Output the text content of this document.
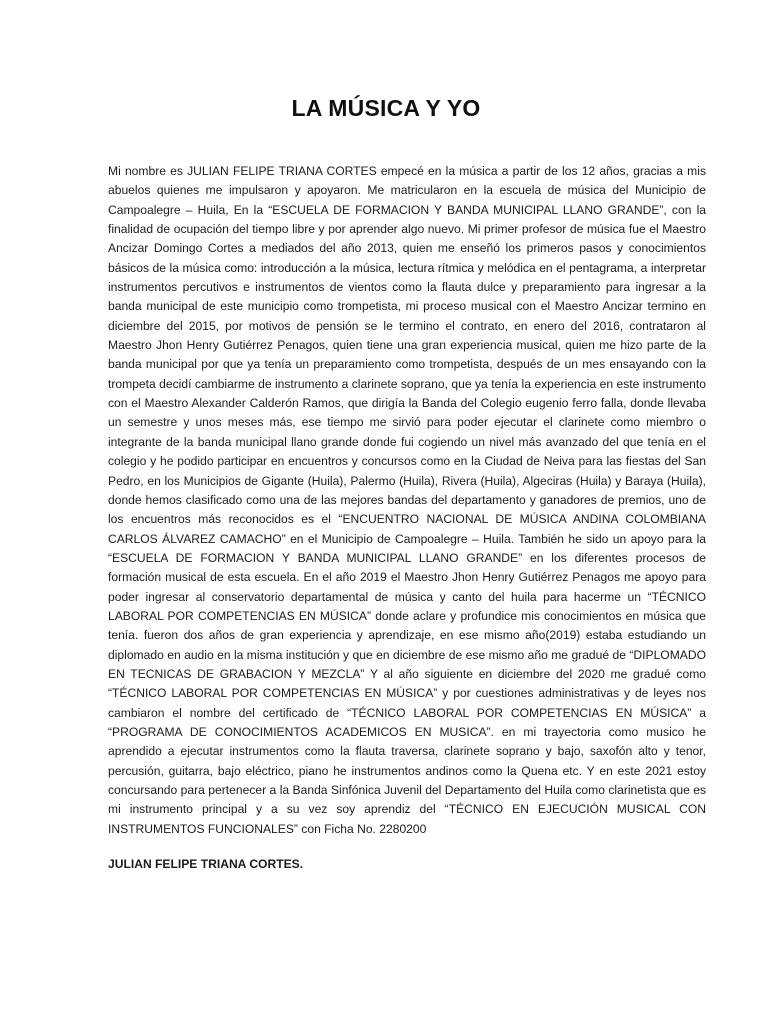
LA MÚSICA Y YO

Mi nombre es JULIAN FELIPE TRIANA CORTES empecé en la música a partir de los 12 años, gracias a mis abuelos quienes me impulsaron y apoyaron. Me matricularon en la escuela de música del Municipio de Campoalegre – Huila, En la “ESCUELA DE FORMACION Y BANDA MUNICIPAL LLANO GRANDE”, con la finalidad de ocupación del tiempo libre y por aprender algo nuevo. Mi primer profesor de música fue el Maestro Ancizar Domingo Cortes a mediados del año 2013, quien me enseñó los primeros pasos y conocimientos básicos de la música como: introducción a la música, lectura rítmica y melódica en el pentagrama, a interpretar instrumentos percutivos e instrumentos de vientos como la flauta dulce y preparamiento para ingresar a la banda municipal de este municipio como trompetista, mi proceso musical con el Maestro Ancizar termino en diciembre del 2015, por motivos de pensión se le termino el contrato, en enero del 2016, contrataron al Maestro Jhon Henry Gutiérrez Penagos, quien tiene una gran experiencia musical, quien me hizo parte de la banda municipal por que ya tenía un preparamiento como trompetista, después de un mes ensayando con la trompeta decidí cambiarme de instrumento a clarinete soprano, que ya tenía la experiencia en este instrumento con el Maestro Alexander Calderón Ramos, que dirigía la Banda del Colegio eugenio ferro falla, donde llevaba un semestre y unos meses más, ese tiempo me sirvió para poder ejecutar el clarinete como miembro o integrante de la banda municipal llano grande donde fui cogiendo un nivel más avanzado del que tenía en el colegio y he podido participar en encuentros y concursos como en la Ciudad de Neiva para las fiestas del San Pedro, en los Municipios de Gigante (Huila), Palermo (Huila), Rivera (Huila), Algeciras (Huila) y Baraya (Huila), donde hemos clasificado como una de las mejores bandas del departamento y ganadores de premios, uno de los encuentros más reconocidos es el “ENCUENTRO NACIONAL DE MÚSICA ANDINA COLOMBIANA CARLOS ÁLVAREZ CAMACHO” en el Municipio de Campoalegre – Huila. También he sido un apoyo para la “ESCUELA DE FORMACION Y BANDA MUNICIPAL LLANO GRANDE” en los diferentes procesos de formación musical de esta escuela. En el año 2019 el Maestro Jhon Henry Gutiérrez Penagos me apoyo para poder ingresar al conservatorio departamental de música y canto del huila para hacerme un “TÉCNICO LABORAL POR COMPETENCIAS EN MÚSICA” donde aclare y profundice mis conocimientos en música que tenía. fueron dos años de gran experiencia y aprendizaje, en ese mismo año(2019) estaba estudiando un diplomado en audio en la misma institución y que en diciembre de ese mismo año me gradué de “DIPLOMADO EN TECNICAS DE GRABACION Y MEZCLA” Y al año siguiente en diciembre del 2020 me gradué como “TÉCNICO LABORAL POR COMPETENCIAS EN MÚSICA” y por cuestiones administrativas y de leyes nos cambiaron el nombre del certificado de “TÉCNICO LABORAL POR COMPETENCIAS EN MÚSICA” a “PROGRAMA DE CONOCIMIENTOS ACADEMICOS EN MUSICA”. en mi trayectoria como musico he aprendido a ejecutar instrumentos como la flauta traversa, clarinete soprano y bajo, saxofón alto y tenor, percusión, guitarra, bajo eléctrico, piano he instrumentos andinos como la Quena etc. Y en este 2021 estoy concursando para pertenecer a la Banda Sinfónica Juvenil del Departamento del Huila como clarinetista que es mi instrumento principal y a su vez soy aprendiz del “TÉCNICO EN EJECUCIÓN MUSICAL CON INSTRUMENTOS FUNCIONALES” con Ficha No. 2280200

JULIAN FELIPE TRIANA CORTES.
